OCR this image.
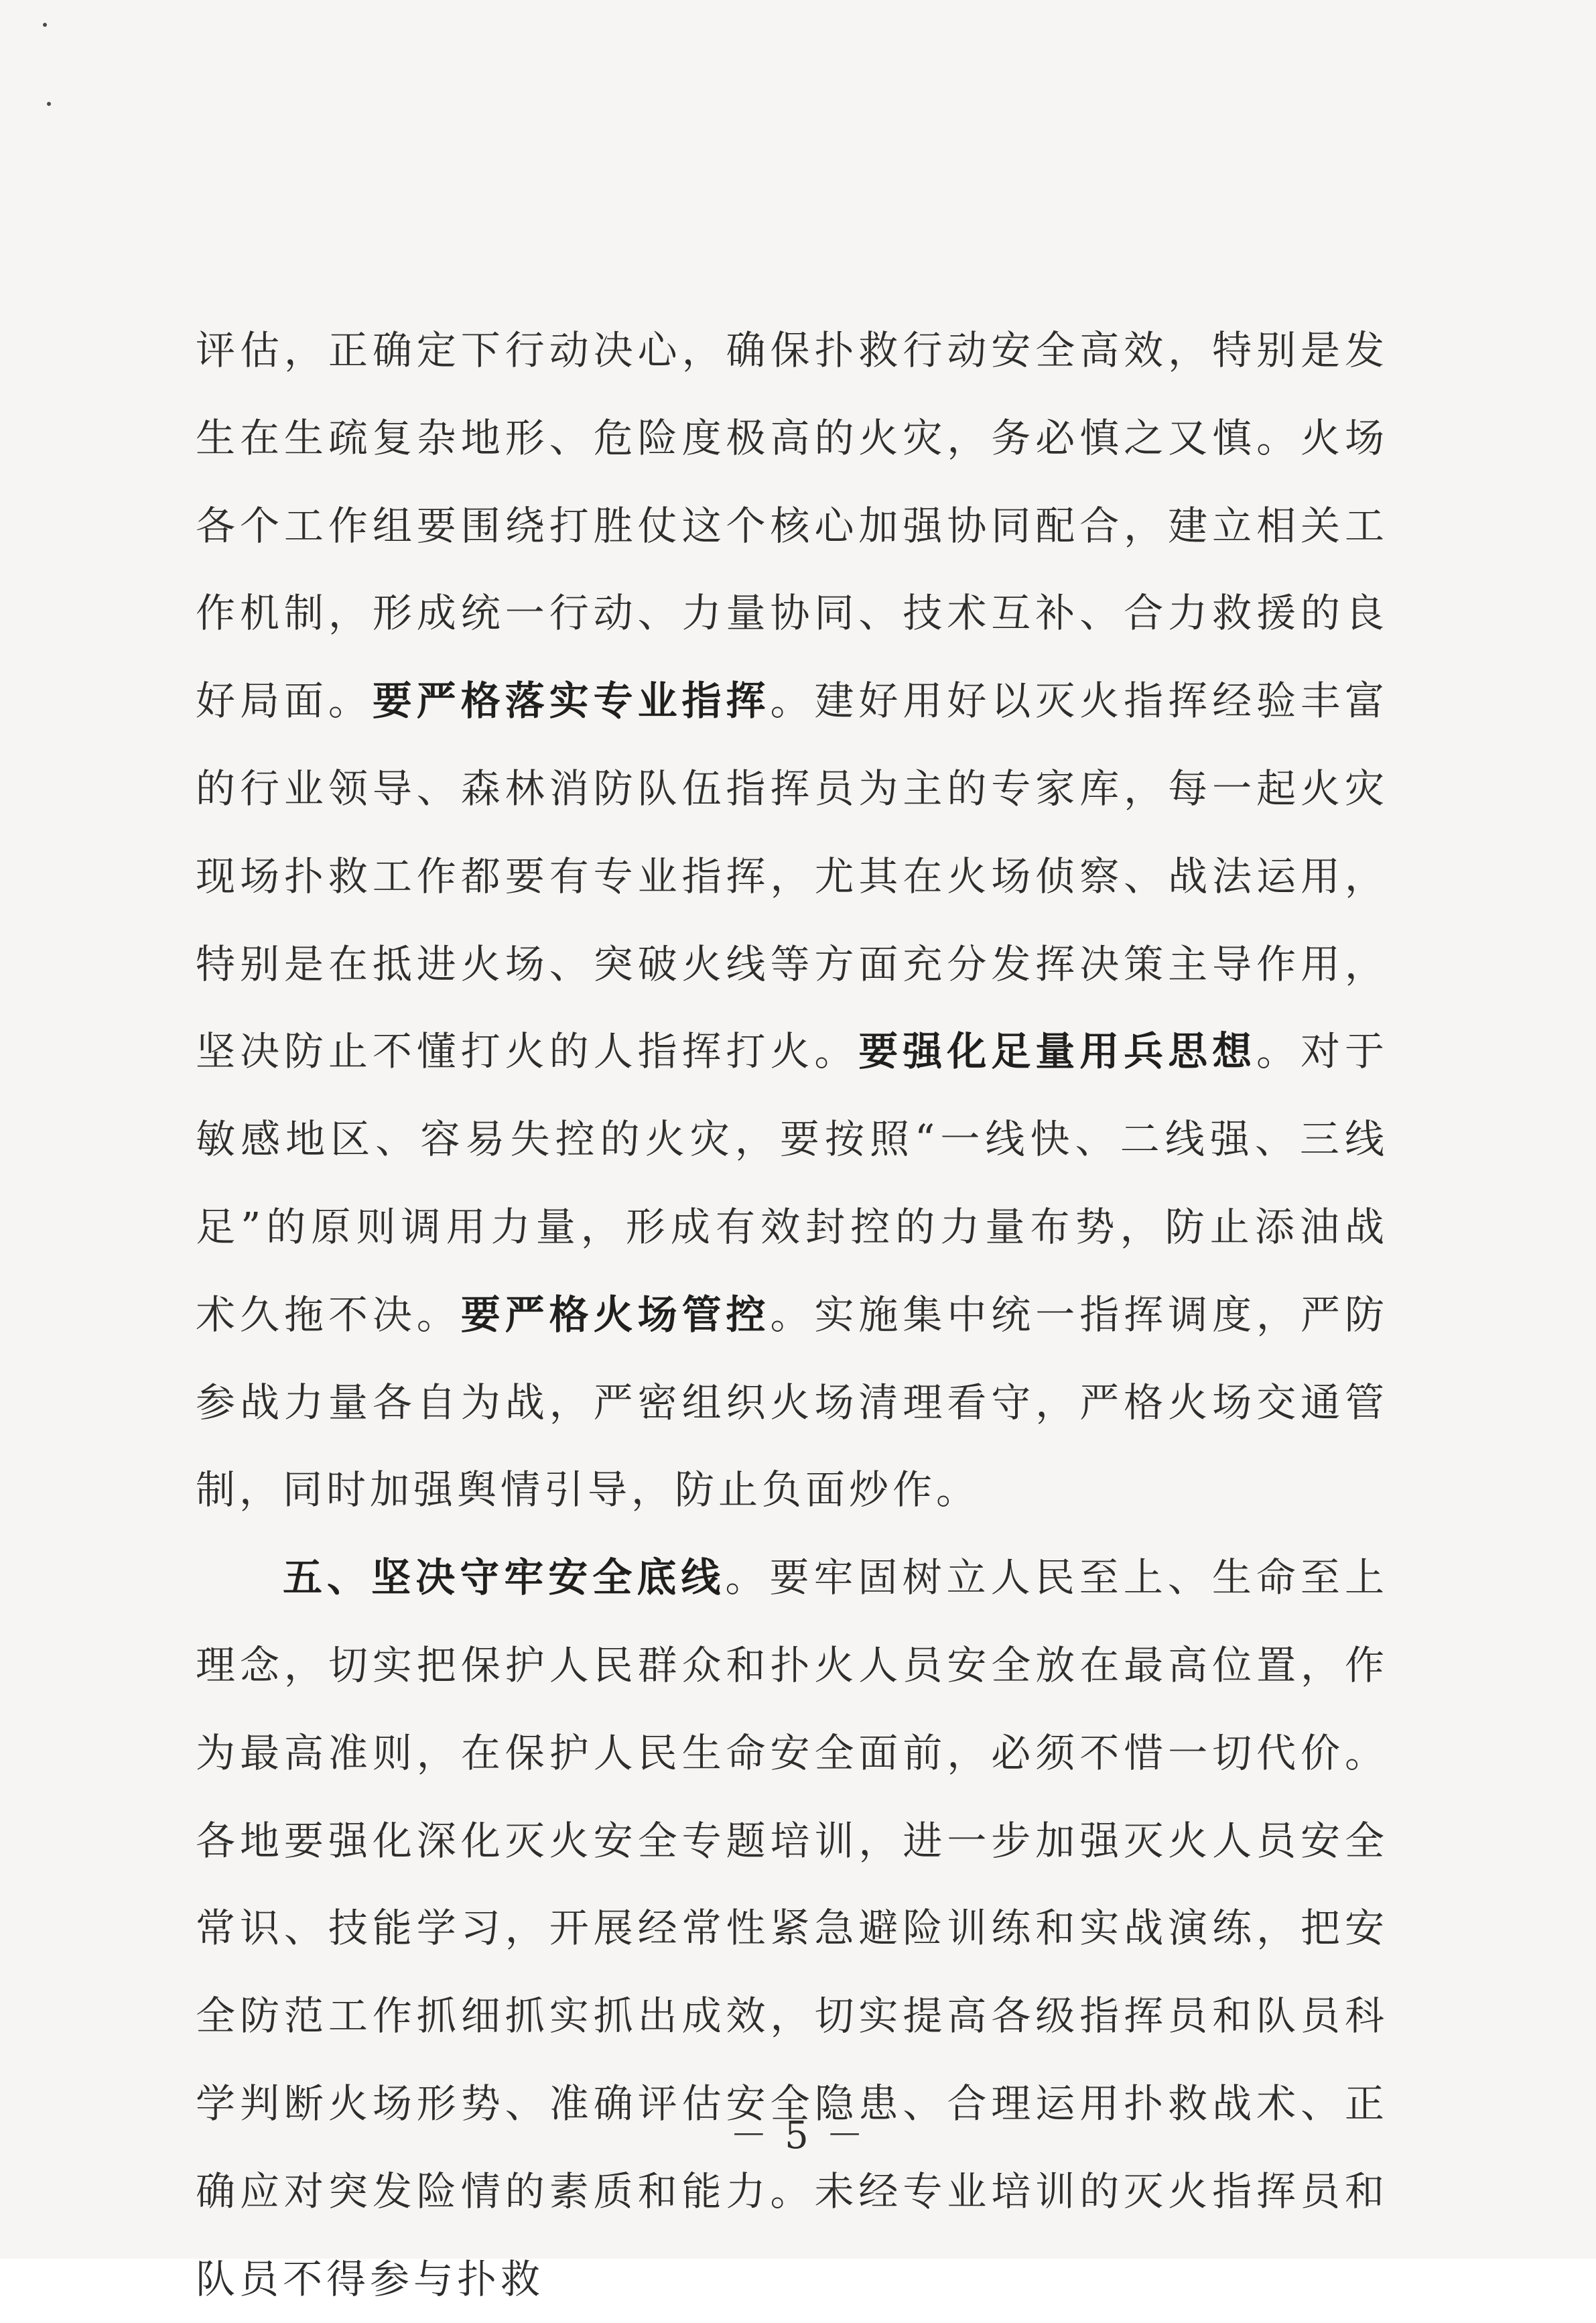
评估，正确定下行动决心，确保扑救行动安全高效，特别是发生在生疏复杂地形、危险度极高的火灾，务必慎之又慎。火场各个工作组要围绕打胜仗这个核心加强协同配合，建立相关工作机制，形成统一行动、力量协同、技术互补、合力救援的良好局面。要严格落实专业指挥。建好用好以灭火指挥经验丰富的行业领导、森林消防队伍指挥员为主的专家库，每一起火灾现场扑救工作都要有专业指挥，尤其在火场侦察、战法运用，特别是在抵进火场、突破火线等方面充分发挥决策主导作用，坚决防止不懂打火的人指挥打火。要强化足量用兵思想。对于敏感地区、容易失控的火灾，要按照“一线快、二线强、三线足”的原则调用力量，形成有效封控的力量布势，防止添油战术久拖不决。要严格火场管控。实施集中统一指挥调度，严防参战力量各自为战，严密组织火场清理看守，严格火场交通管制，同时加强舆情引导，防止负面炒作。

五、坚决守牢安全底线。要牢固树立人民至上、生命至上理念，切实把保护人民群众和扑火人员安全放在最高位置，作为最高准则，在保护人民生命安全面前，必须不惜一切代价。各地要强化深化灭火安全专题培训，进一步加强灭火人员安全常识、技能学习，开展经常性紧急避险训练和实战演练，把安全防范工作抓细抓实抓出成效，切实提高各级指挥员和队员科学判断火场形势、准确评估安全隐患、合理运用扑救战术、正确应对突发险情的素质和能力。未经专业培训的灭火指挥员和队员不得参与扑救

－ 5 －
